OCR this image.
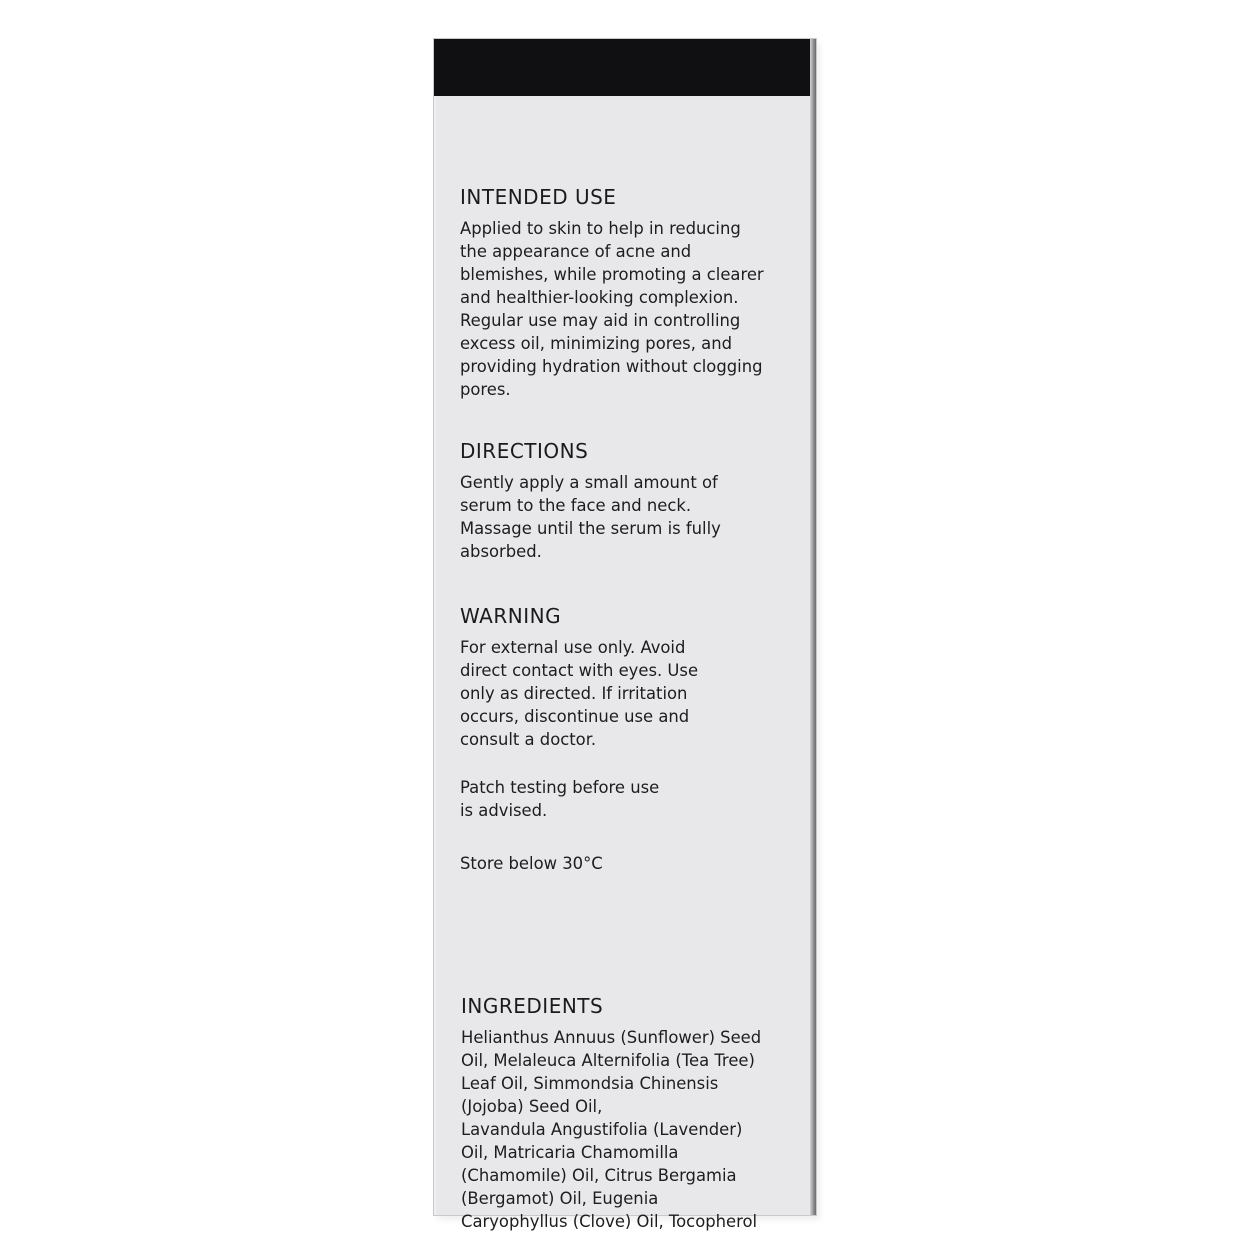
INTENDED USE

Applied to skin to help in reducing
the appearance of acne and
blemishes, while promoting a clearer
and healthier-looking complexion.
Regular use may aid in controlling
excess oil, minimizing pores, and
providing hydration without clogging
pores.

DIRECTIONS

Gently apply a small amount of
serum to the face and neck.
Massage until the serum is fully
absorbed.

WARNING

For external use only. Avoid
direct contact with eyes. Use
only as directed. If irritation
occurs, discontinue use and
consult a doctor.

Patch testing before use
is advised.

Store below 30°C

INGREDIENTS

Helianthus Annuus (Sunflower) Seed
Oil, Melaleuca Alternifolia (Tea Tree)
Leaf Oil, Simmondsia Chinensis
(Jojoba) Seed Oil,
Lavandula Angustifolia (Lavender)
Oil, Matricaria Chamomilla
(Chamomile) Oil, Citrus Bergamia
(Bergamot) Oil, Eugenia
Caryophyllus (Clove) Oil, Tocopherol
